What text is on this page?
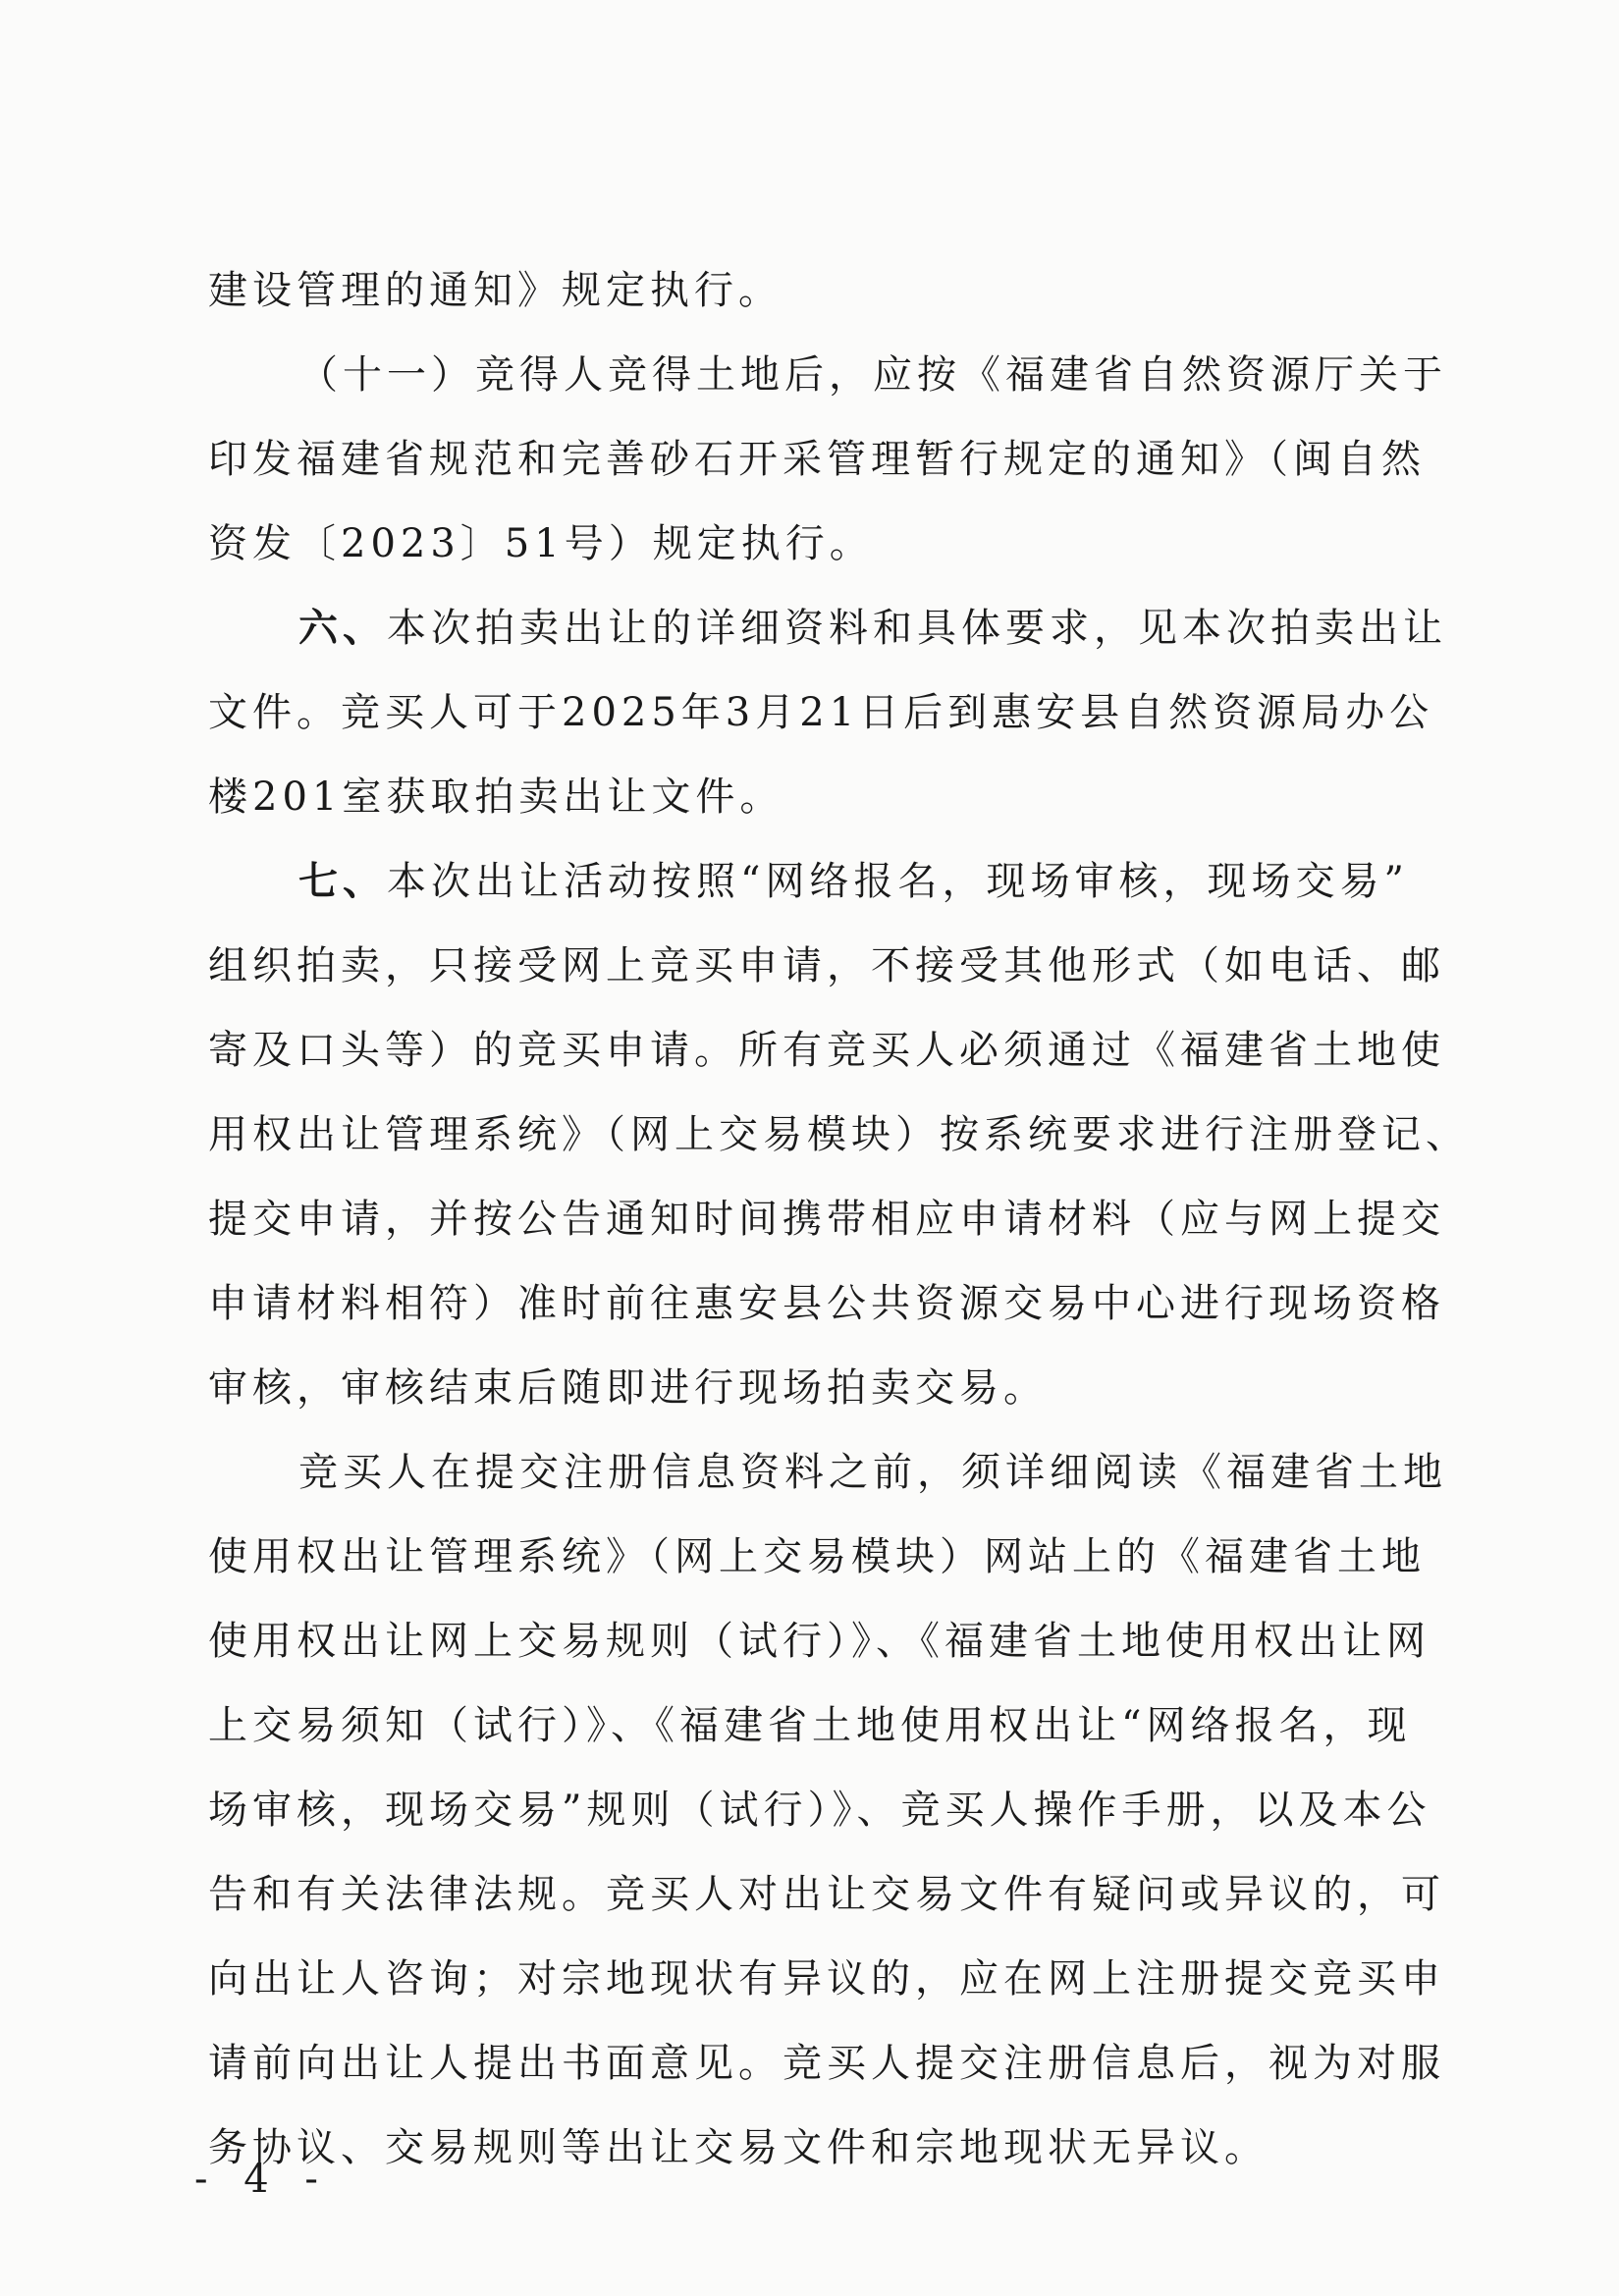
建设管理的通知》规定执行。
（十一）竞得人竞得土地后，应按《福建省自然资源厅关于
印发福建省规范和完善砂石开采管理暂行规定的通知》（闽自然
资发〔2023〕51号）规定执行。
六、本次拍卖出让的详细资料和具体要求，见本次拍卖出让
文件。竞买人可于2025年3月21日后到惠安县自然资源局办公
楼201室获取拍卖出让文件。
七、本次出让活动按照“网络报名，现场审核，现场交易”
组织拍卖，只接受网上竞买申请，不接受其他形式（如电话、邮
寄及口头等）的竞买申请。所有竞买人必须通过《福建省土地使
用权出让管理系统》（网上交易模块）按系统要求进行注册登记、
提交申请，并按公告通知时间携带相应申请材料（应与网上提交
申请材料相符）准时前往惠安县公共资源交易中心进行现场资格
审核，审核结束后随即进行现场拍卖交易。
竞买人在提交注册信息资料之前，须详细阅读《福建省土地
使用权出让管理系统》（网上交易模块）网站上的《福建省土地
使用权出让网上交易规则（试行）》、《福建省土地使用权出让网
上交易须知（试行）》、《福建省土地使用权出让“网络报名，现
场审核，现场交易”规则（试行）》、竞买人操作手册，以及本公
告和有关法律法规。竞买人对出让交易文件有疑问或异议的，可
向出让人咨询；对宗地现状有异议的，应在网上注册提交竞买申
请前向出让人提出书面意见。竞买人提交注册信息后，视为对服
务协议、交易规则等出让交易文件和宗地现状无异议。
- 4 -
